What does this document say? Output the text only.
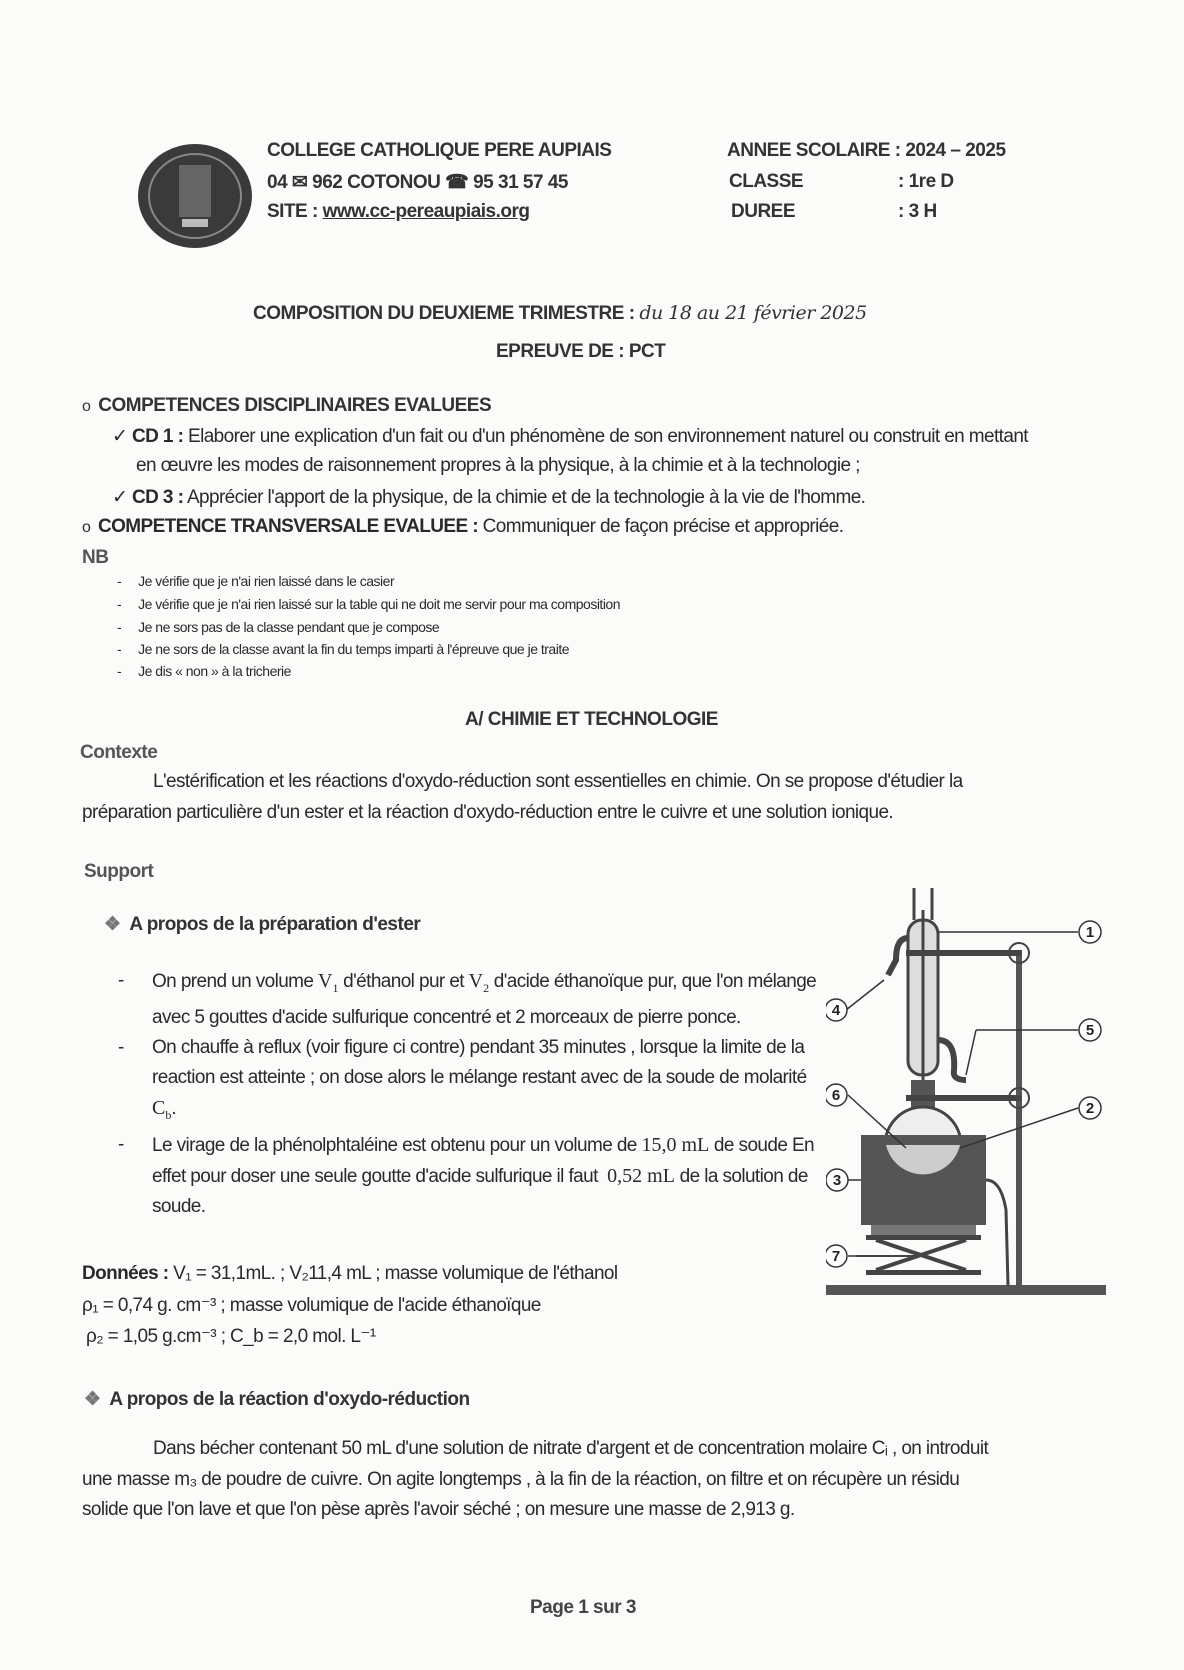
COLLEGE CATHOLIQUE PERE AUPIAIS
04 ✉ 962 COTONOU ☎ 95 31 57 45
SITE : www.cc-pereaupiais.org
ANNEE SCOLAIRE : 2024 – 2025
CLASSE	: 1re D
DUREE	: 3 H
COMPOSITION DU DEUXIEME TRIMESTRE : du 18 au 21 février 2025
EPREUVE DE : PCT
o  COMPETENCES DISCIPLINAIRES EVALUEES
✓ CD 1 : Elaborer une explication d'un fait ou d'un phénomène de son environnement naturel ou construit en mettant
en œuvre les modes de raisonnement propres à la physique, à la chimie et à la technologie ;
✓ CD 3 : Apprécier l'apport de la physique, de la chimie et de la technologie à la vie de l'homme.
o  COMPETENCE TRANSVERSALE EVALUEE : Communiquer de façon précise et appropriée.
NB
-     Je vérifie que je n'ai rien laissé dans le casier
-     Je vérifie que je n'ai rien laissé sur la table qui ne doit me servir pour ma composition
-     Je ne sors pas de la classe pendant que je compose
-     Je ne sors de la classe avant la fin du temps imparti à l'épreuve que je traite
-     Je dis « non » à la tricherie
A/ CHIMIE ET TECHNOLOGIE
Contexte
L'estérification et les réactions d'oxydo-réduction sont essentielles en chimie. On se propose d'étudier la
préparation particulière d'un ester et la réaction d'oxydo-réduction entre le cuivre et une solution ionique.
Support
❖ A propos de la préparation d'ester
-	On prend un volume $V_1$ d'éthanol pur et $V_2$ d'acide éthanoïque pur, que l'on mélange avec 5 gouttes d'acide sulfurique concentré et 2 morceaux de pierre ponce.
-	On chauffe à reflux (voir figure ci contre) pendant 35 minutes , lorsque la limite de la reaction est atteinte ; on dose alors le mélange restant avec de la soude de molarité $C_b$.
-	Le virage de la phénolphtaléine est obtenu pour un volume de 15,0 mL de soude En effet pour doser une seule goutte d'acide sulfurique il faut  0,52 mL de la solution de soude.
Données : V₁ = 31,1mL. ; V₂11,4 mL ; masse volumique de l'éthanol
ρ₁ = 0,74 g. cm⁻³ ; masse volumique de l'acide éthanoïque
ρ₂ = 1,05 g.cm⁻³ ; C_b = 2,0 mol. L⁻¹
❖ A propos de la réaction d'oxydo-réduction
Dans bécher contenant 50 mL d'une solution de nitrate d'argent et de concentration molaire Cᵢ , on introduit
une masse m₃ de poudre de cuivre. On agite longtemps , à la fin de la réaction, on filtre et on récupère un résidu
solide que l'on lave et que l'on pèse après l'avoir séché ; on mesure une masse de 2,913 g.
1
2
3
4
5
6
7
Page 1 sur 3
